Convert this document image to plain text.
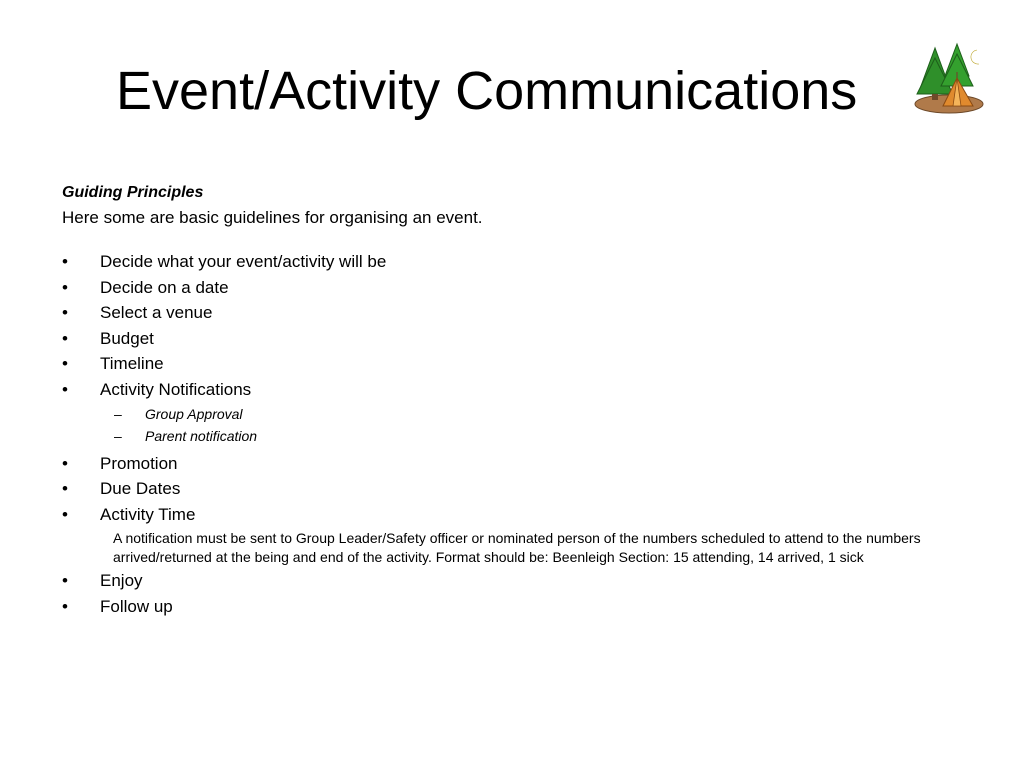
Event/Activity Communications
Guiding Principles
Here some are basic guidelines for organising an event.
• Decide what your event/activity will be
• Decide on a date
• Select a venue
• Budget
• Timeline
• Activity Notifications
– Group Approval
– Parent notification
• Promotion
• Due Dates
• Activity Time
A notification must be sent to Group Leader/Safety officer or nominated person of the numbers scheduled to attend to the numbers arrived/returned at the being and end of the activity. Format should be: Beenleigh Section: 15 attending, 14 arrived, 1 sick
• Enjoy
• Follow up
